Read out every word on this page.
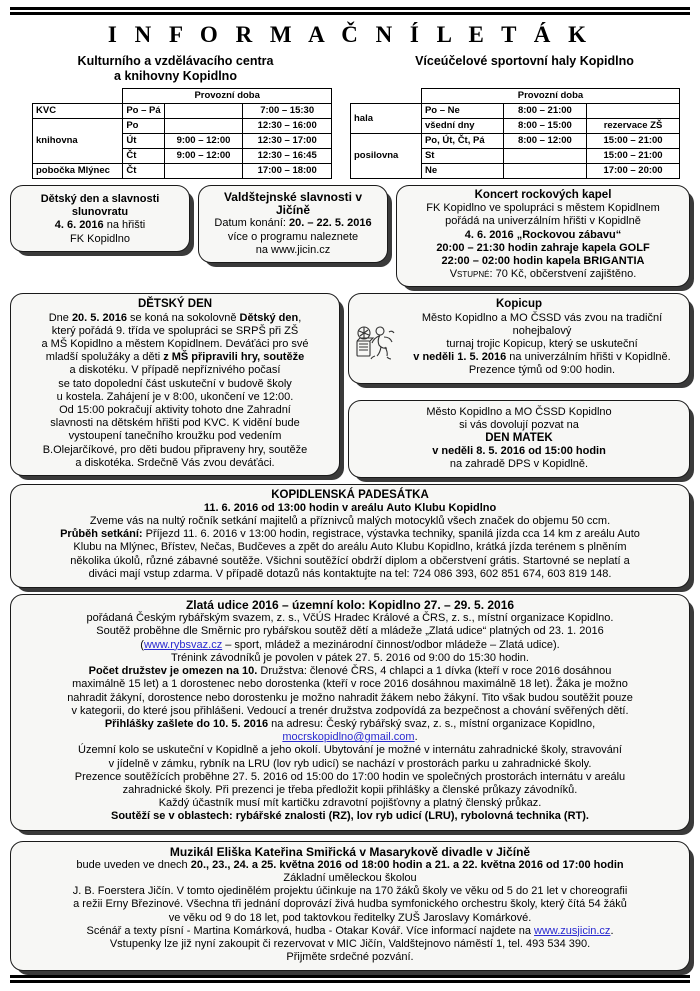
I N F O R M A Č N Í L E T Á K
Kulturního a vzdělávacího centra
a knihovny Kopidlno
Víceúčelové sportovní haly Kopidlno
	Provozní doba		
KVC	Po – Pá		7:00 – 15:30
knihovna	Po		12:30 – 16:00
	Út	9:00 – 12:00	12:30 – 17:00
	Čt	9:00 – 12:00	12:30 – 16:45
pobočka Mlýnec	Čt		17:00 – 18:00
	Provozní doba		
hala	Po – Ne	8:00 – 21:00	
	všední dny	8:00 – 15:00	rezervace ZŠ
posilovna	Po, Út, Čt, Pá	8:00 – 12:00	15:00 – 21:00
	St		15:00 – 21:00
	Ne		17:00 – 20:00

Dětský den a slavnosti

slunovratu

4. 6. 2016 na hřišti

FK Kopidlno

Valdštejnské slavnosti v Jičíně

Datum konání: 20. – 22. 5. 2016

více o programu naleznete

na www.jicin.cz

Koncert rockových kapel

FK Kopidlno ve spolupráci s městem Kopidlnem

pořádá na univerzálním hřišti v Kopidlně

4. 6. 2016 „Rockovou zábavu“

20:00 – 21:30 hodin zahraje kapela GOLF

22:00 – 02:00 hodin kapela BRIGANTIA

Vstupné: 70 Kč, občerstvení zajištěno.

DĚTSKÝ DEN

Dne 20. 5. 2016 se koná na sokolovně Dětský den,

který pořádá 9. třída ve spolupráci se SRPŠ při ZŠ

a MŠ Kopidlno a městem Kopidlnem. Deváťáci pro své

mladší spolužáky a děti z MŠ připravili hry, soutěže

a diskotéku. V případě nepříznivého počasí

se tato dopolední část uskuteční v budově školy

u kostela. Zahájení je v 8:00, ukončení ve 12:00.

Od 15:00 pokračují aktivity tohoto dne Zahradní

slavnosti na dětském hřišti pod KVC. K vidění bude

vystoupení tanečního kroužku pod vedením

B.Olejarčíkové, pro děti budou připraveny hry, soutěže

a diskotéka. Srdečně Vás zvou deváťáci.

Kopicup

Město Kopidlno a MO ČSSD vás zvou na tradiční nohejbalový

turnaj trojic Kopicup, který se uskuteční

v neděli 1. 5. 2016 na univerzálním hřišti v Kopidlně.

Prezence týmů od 9:00 hodin.

Město Kopidlno a MO ČSSD Kopidlno

si vás dovolují pozvat na

DEN MATEK

v neděli 8. 5. 2016 od 15:00 hodin

na zahradě DPS v Kopidlně.

KOPIDLENSKÁ PADESÁTKA

11. 6. 2016 od 13:00 hodin v areálu Auto Klubu Kopidlno

Zveme vás na nultý ročník setkání majitelů a příznivců malých motocyklů všech značek do objemu 50 ccm.

Průběh setkání: Příjezd 11. 6. 2016 v 13:00 hodin, registrace, výstavka techniky, spanilá jízda cca 14 km z areálu Auto

Klubu na Mlýnec, Břístev, Nečas, Budčeves a zpět do areálu Auto Klubu Kopidlno, krátká jízda terénem s plněním

několika úkolů, různé zábavné soutěže. Všichni soutěžící obdrží diplom a občerstvení grátis. Startovné se neplatí a

diváci mají vstup zdarma. V případě dotazů nás kontaktujte na tel: 724 086 393, 602 851 674, 603 819 148.

Zlatá udice 2016 – územní kolo: Kopidlno 27. – 29. 5. 2016

pořádaná Českým rybářským svazem, z. s., VčÚS Hradec Králové a ČRS, z. s., místní organizace Kopidlno.

Soutěž proběhne dle Směrnic pro rybářskou soutěž dětí a mládeže „Zlatá udice“ platných od 23. 1. 2016

(www.rybsvaz.cz – sport, mládež a mezinárodní činnost/odbor mládeže – Zlatá udice).

Trénink závodníků je povolen v pátek 27. 5. 2016 od 9:00 do 15:30 hodin.

Počet družstev je omezen na 10. Družstva: členové ČRS, 4 chlapci a 1 dívka (kteří v roce 2016 dosáhnou

maximálně 15 let) a 1 dorostenec nebo dorostenka (kteří v roce 2016 dosáhnou maximálně 18 let). Žáka je možno

nahradit žákyní, dorostence nebo dorostenku je možno nahradit žákem nebo žákyní. Tito však budou soutěžit pouze

v kategorii, do které jsou přihlášeni. Vedoucí a trenér družstva zodpovídá za bezpečnost a chování svěřených dětí.

Přihlášky zašlete do 10. 5. 2016 na adresu: Český rybářský svaz, z. s., místní organizace Kopidlno,

mocrskopidlno@gmail.com.

Územní kolo se uskuteční v Kopidlně a jeho okolí. Ubytování je možné v internátu zahradnické školy, stravování

v jídelně v zámku, rybník na LRU (lov ryb udicí) se nachází v prostorách parku u zahradnické školy.

Prezence soutěžících proběhne 27. 5. 2016 od 15:00 do 17:00 hodin ve společných prostorách internátu v areálu

zahradnické školy. Při prezenci je třeba předložit kopii přihlášky a členské průkazy závodníků.

Každý účastník musí mít kartičku zdravotní pojišťovny a platný členský průkaz.

Soutěží se v oblastech: rybářské znalosti (RZ), lov ryb udicí (LRU), rybolovná technika (RT).

Muzikál Eliška Kateřina Smiřická v Masarykově divadle v Jičíně

bude uveden ve dnech 20., 23., 24. a 25. května 2016 od 18:00 hodin a 21. a 22. května 2016 od 17:00 hodin

Základní uměleckou školou

J. B. Foerstera Jičín. V tomto ojedinělém projektu účinkuje na 170 žáků školy ve věku od 5 do 21 let v choreografii

a režii Erny Březinové. Všechna tři jednání doprovází živá hudba symfonického orchestru školy, který čítá 54 žáků

ve věku od 9 do 18 let, pod taktovkou ředitelky ZUŠ Jaroslavy Komárkové.

Scénář a texty písní - Martina Komárková, hudba - Otakar Kovář. Více informací najdete na www.zusjicin.cz.

Vstupenky lze již nyní zakoupit či rezervovat v MIC Jičín, Valdštejnovo náměstí 1, tel. 493 534 390.

Přijměte srdečné pozvání.
